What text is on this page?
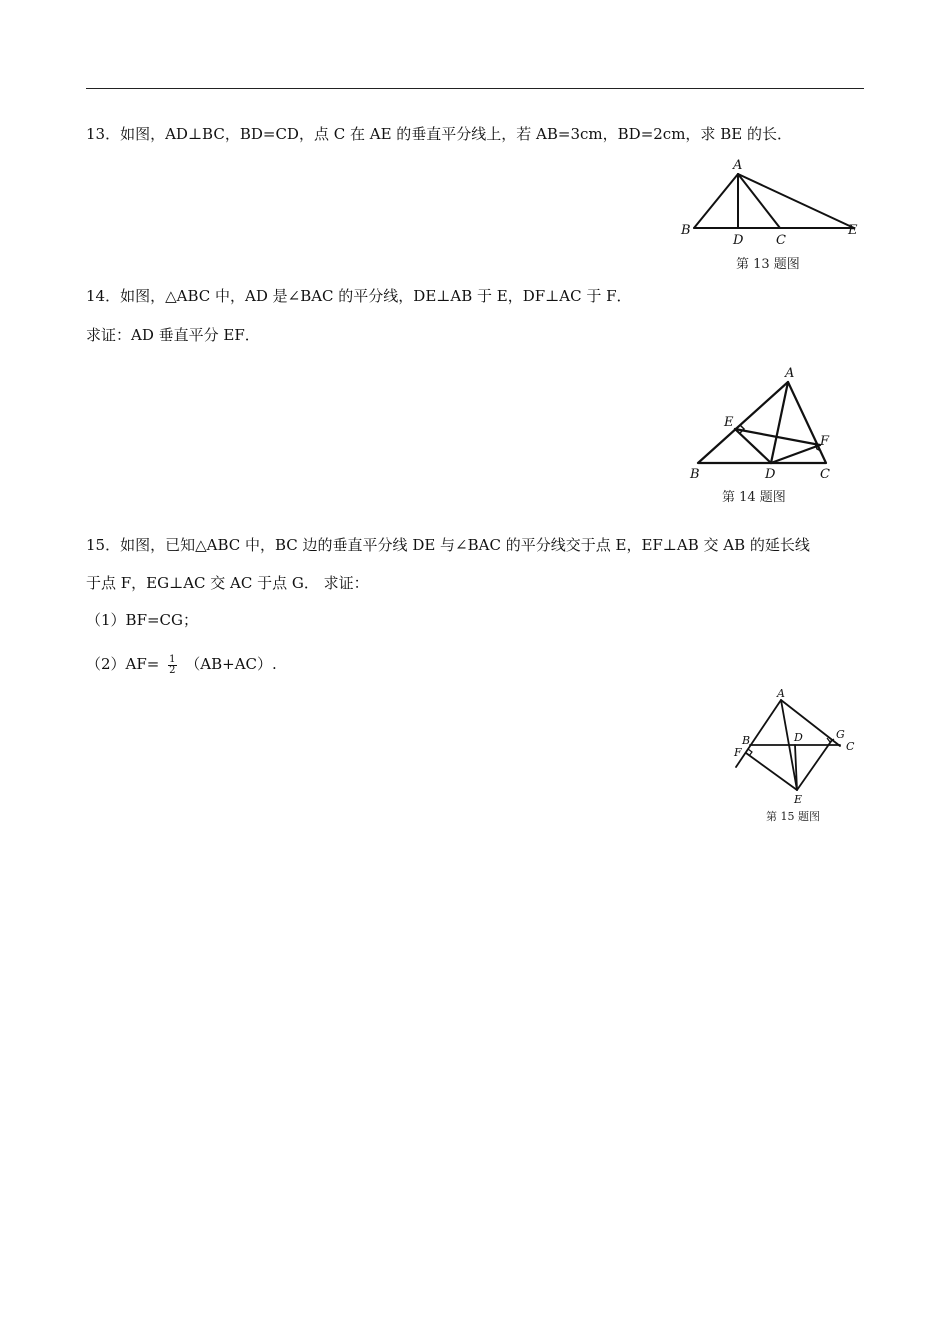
13．如图，AD⊥BC，BD=CD，点 C 在 AE 的垂直平分线上，若 AB=3cm，BD=2cm，求 BE 的长．
A
B
D	C
E
第 13 题图
14．如图，△ABC 中，AD 是∠BAC 的平分线，DE⊥AB 于 E，DF⊥AC 于 F．
求证：AD 垂直平分 EF．
A
E
F
B	D	C
第 14 题图
15．如图，已知△ABC 中，BC 边的垂直平分线 DE 与∠BAC 的平分线交于点 E，EF⊥AB 交 AB 的延长线
于点 F，EG⊥AC 交 AC 于点 G． 求证：
（1）BF=CG；
$(2)AF= \frac{1}{2} (AB+AC)$.
A
B
F
D	G
C
E
第 15 题图
